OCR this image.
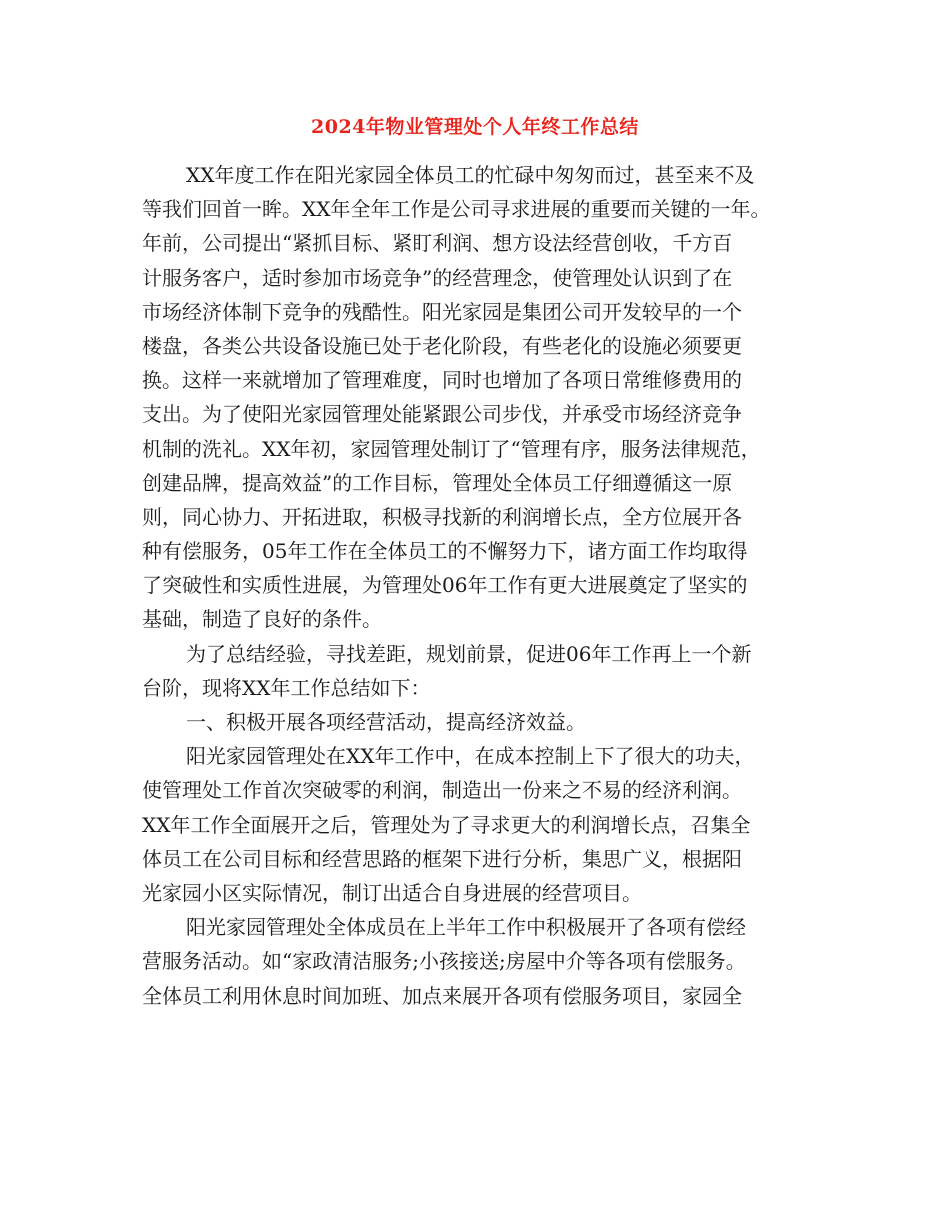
2024年物业管理处个人年终工作总结
XX年度工作在阳光家园全体员工的忙碌中匆匆而过，甚至来不及
等我们回首一眸。XX年全年工作是公司寻求进展的重要而关键的一年。
年前，公司提出“紧抓目标、紧盯利润、想方设法经营创收，千方百
计服务客户，适时参加市场竞争”的经营理念，使管理处认识到了在
市场经济体制下竞争的残酷性。阳光家园是集团公司开发较早的一个
楼盘，各类公共设备设施已处于老化阶段，有些老化的设施必须要更
换。这样一来就增加了管理难度，同时也增加了各项日常维修费用的
支出。为了使阳光家园管理处能紧跟公司步伐，并承受市场经济竞争
机制的洗礼。XX年初，家园管理处制订了“管理有序，服务法律规范，
创建品牌，提高效益”的工作目标，管理处全体员工仔细遵循这一原
则，同心协力、开拓进取，积极寻找新的利润增长点，全方位展开各
种有偿服务，05年工作在全体员工的不懈努力下，诸方面工作均取得
了突破性和实质性进展，为管理处06年工作有更大进展奠定了坚实的
基础，制造了良好的条件。
为了总结经验，寻找差距，规划前景，促进06年工作再上一个新
台阶，现将XX年工作总结如下：
一、积极开展各项经营活动，提高经济效益。
阳光家园管理处在XX年工作中，在成本控制上下了很大的功夫，
使管理处工作首次突破零的利润，制造出一份来之不易的经济利润。
XX年工作全面展开之后，管理处为了寻求更大的利润增长点，召集全
体员工在公司目标和经营思路的框架下进行分析，集思广义，根据阳
光家园小区实际情况，制订出适合自身进展的经营项目。
阳光家园管理处全体成员在上半年工作中积极展开了各项有偿经
营服务活动。如“家政清洁服务;小孩接送;房屋中介等各项有偿服务。
全体员工利用休息时间加班、加点来展开各项有偿服务项目，家园全
